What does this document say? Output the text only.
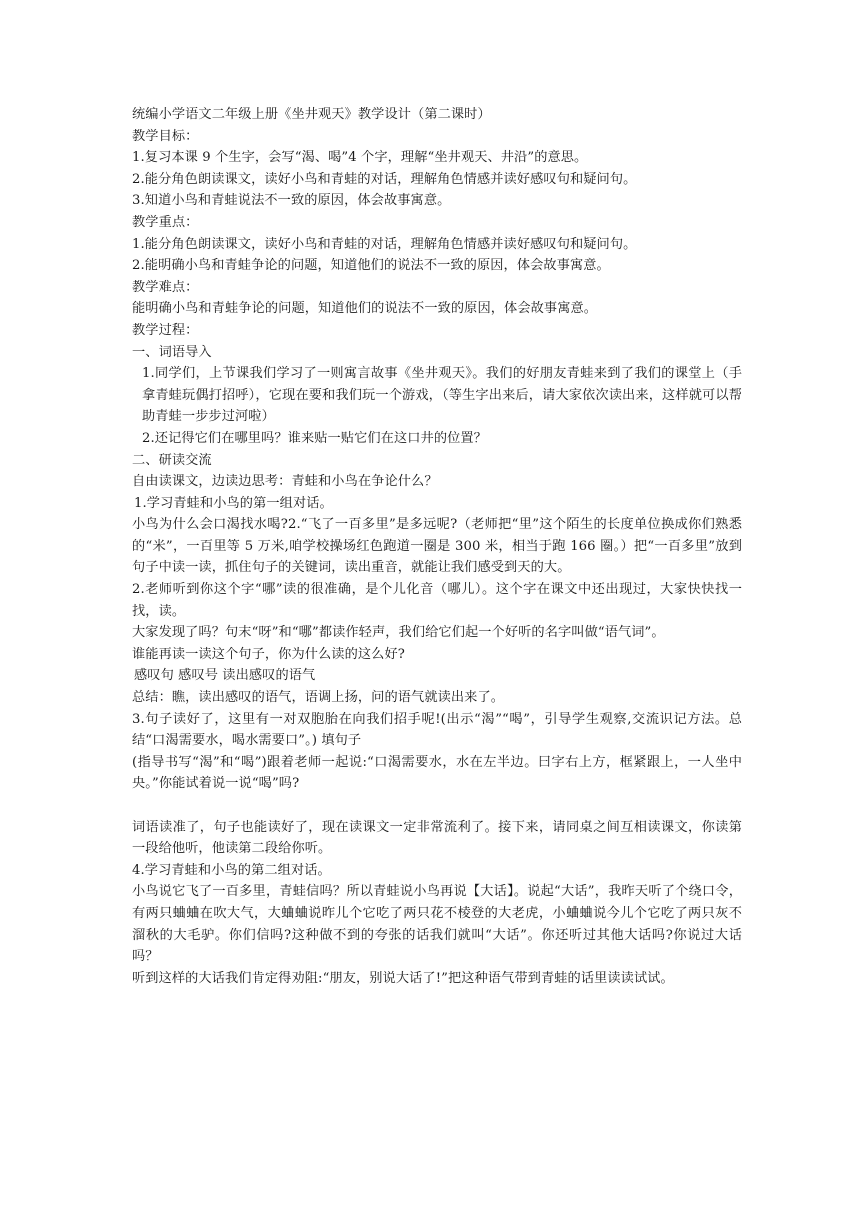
统编小学语文二年级上册《坐井观天》教学设计（第二课时）
教学目标：
1.复习本课 9 个生字，会写“渴、喝”4 个字，理解“坐井观天、井沿”的意思。
2.能分角色朗读课文，读好小鸟和青蛙的对话，理解角色情感并读好感叹句和疑问句。
3.知道小鸟和青蛙说法不一致的原因，体会故事寓意。
教学重点：
1.能分角色朗读课文，读好小鸟和青蛙的对话，理解角色情感并读好感叹句和疑问句。
2.能明确小鸟和青蛙争论的问题，知道他们的说法不一致的原因，体会故事寓意。
教学难点：
能明确小鸟和青蛙争论的问题，知道他们的说法不一致的原因，体会故事寓意。
教学过程：
一、词语导入

1.同学们，上节课我们学习了一则寓言故事《坐井观天》。我们的好朋友青蛙来到了我们的课堂上（手拿青蛙玩偶打招呼），它现在要和我们玩一个游戏，（等生字出来后，请大家依次读出来，这样就可以帮助青蛙一步步过河啦）

2.还记得它们在哪里吗？谁来贴一贴它们在这口井的位置？

二、研读交流
自由读课文，边读边思考：青蛙和小鸟在争论什么？
1.学习青蛙和小鸟的第一组对话。

小鸟为什么会口渴找水喝?2.“飞了一百多里”是多远呢?（老师把“里”这个陌生的长度单位换成你们熟悉的“米”，一百里等 5 万米,咱学校操场红色跑道一圈是 300 米，相当于跑 166 圈。）把“一百多里”放到句子中读一读，抓住句子的关键词，读出重音，就能让我们感受到天的大。

2.老师听到你这个字“哪”读的很准确，是个儿化音（哪儿）。这个字在课文中还出现过，大家快快找一找，读。

大家发现了吗？句末“呀”和“哪”都读作轻声，我们给它们起一个好听的名字叫做“语气词”。

谁能再读一读这个句子，你为什么读的这么好?
感叹句 感叹号 读出感叹的语气
总结：瞧，读出感叹的语气，语调上扬，问的语气就读出来了。

3.句子读好了，这里有一对双胞胎在向我们招手呢!(出示“渴”“喝”，引导学生观察,交流识记方法。总结“口渴需要水，喝水需要口”。) 填句子

(指导书写“渴”和“喝”)跟着老师一起说:“口渴需要水，水在左半边。曰字右上方，框紧跟上，一人坐中央。”你能试着说一说“喝”吗?

词语读准了，句子也能读好了，现在读课文一定非常流利了。接下来，请同桌之间互相读课文，你读第一段给他听，他读第二段给你听。

4.学习青蛙和小鸟的第二组对话。

小鸟说它飞了一百多里，青蛙信吗？所以青蛙说小鸟再说【大话】。说起“大话”，我昨天听了个绕口令，有两只蛐蛐在吹大气，大蛐蛐说昨儿个它吃了两只花不棱登的大老虎，小蛐蛐说今儿个它吃了两只灰不溜秋的大毛驴。你们信吗?这种做不到的夸张的话我们就叫“大话”。你还听过其他大话吗?你说过大话吗？

听到这样的大话我们肯定得劝阻:“朋友，别说大话了!”把这种语气带到青蛙的话里读读试试。
